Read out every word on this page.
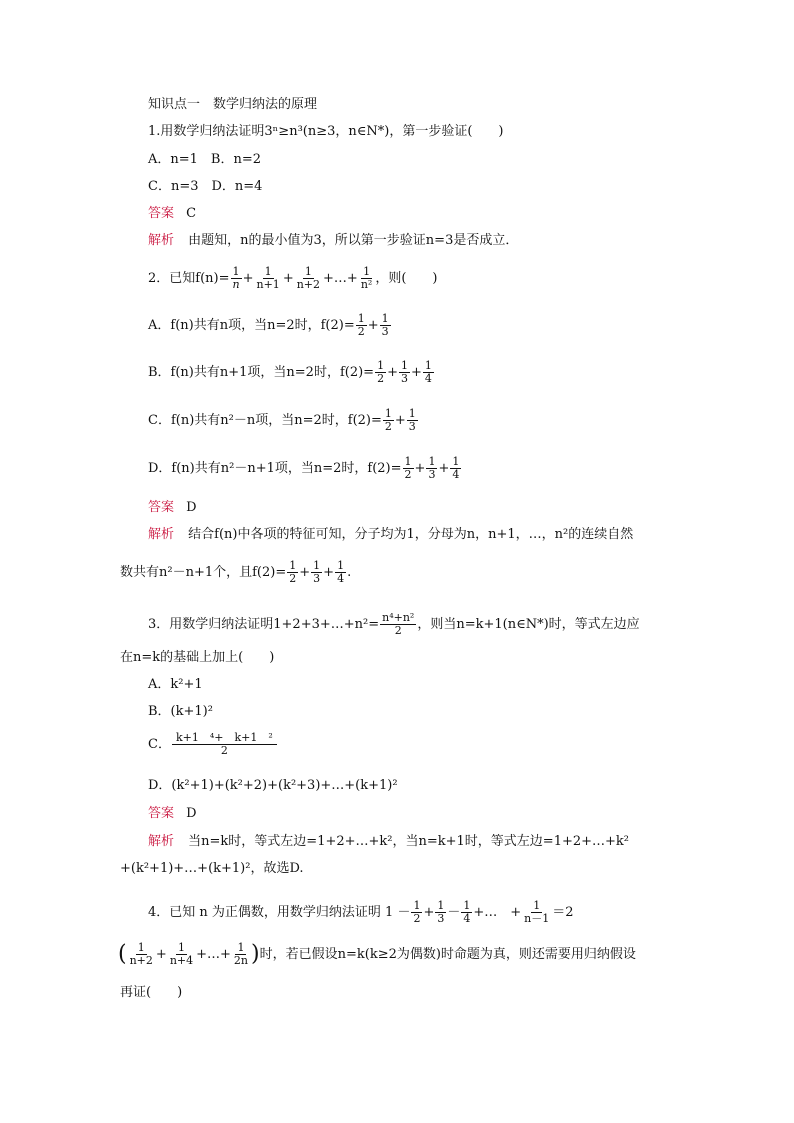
知识点一　数学归纳法的原理
1.用数学归纳法证明3ⁿ≥n³(n≥3，n∈N*)，第一步验证(　　)
A．n=1　B．n=2
C．n=3　D．n=4
答案 C
解析 由题知，n的最小值为3，所以第一步验证n=3是否成立．
2．已知$f(n)= \frac{1}{n} + \frac{1}{n+1} + \frac{1}{n+2}$ +…+ $\frac{1}{\text{n²}}$ ，则(　　)
A．f(n)共有n项，当n=2时，$f(2)= \frac{1}{2} + \frac{1}{3}$
B．f(n)共有n+1项，当n=2时，$f(2)= \frac{1}{2} + \frac{1}{3} + \frac{1}{4}$
C．f(n)共有n²－n项，当n=2时，$f(2)= \frac{1}{2} + \frac{1}{3}$
D．f(n)共有n²－n+1项，当n=2时，$f(2)= \frac{1}{2} + \frac{1}{3} + \frac{1}{4}$
答案 D
解析 结合f(n)中各项的特征可知，分子均为1，分母为n，n+1，…，n²的连续自然
数共有n²－n+1个，且$f(2)= \frac{1}{2} + \frac{1}{3} + \frac{1}{4}$ .
3．用数学归纳法证明1+2+3+…+n²= $\frac{\text{n⁴+n²}}{2}$ ，则当n=k+1(n∈N*)时，等式左边应
在n=k的基础上加上(　　)
A．k²+1
B．(k+1)²
C． $\frac{\text{k+1　⁴+　k+1　²}}{2}$
D．(k²+1)+(k²+2)+(k²+3)+…+(k+1)²
答案 D
解析 当n=k时，等式左边=1+2+…+k²，当n=k+1时，等式左边=1+2+…+k²
+(k²+1)+…+(k+1)²，故选D.
4．已知 n 为正偶数，用数学归纳法证明 $1 - \frac{1}{2} + \frac{1}{3} - \frac{1}{4}$ +…　+ $\frac{1}{n-1} =2$
( $\frac{1}{n+2} + \frac{1}{n+4}$ +…+ $\frac{1}{2n}$ )时，若已假设n=k(k≥2为偶数)时命题为真，则还需要用归纳假设
再证(　　)
